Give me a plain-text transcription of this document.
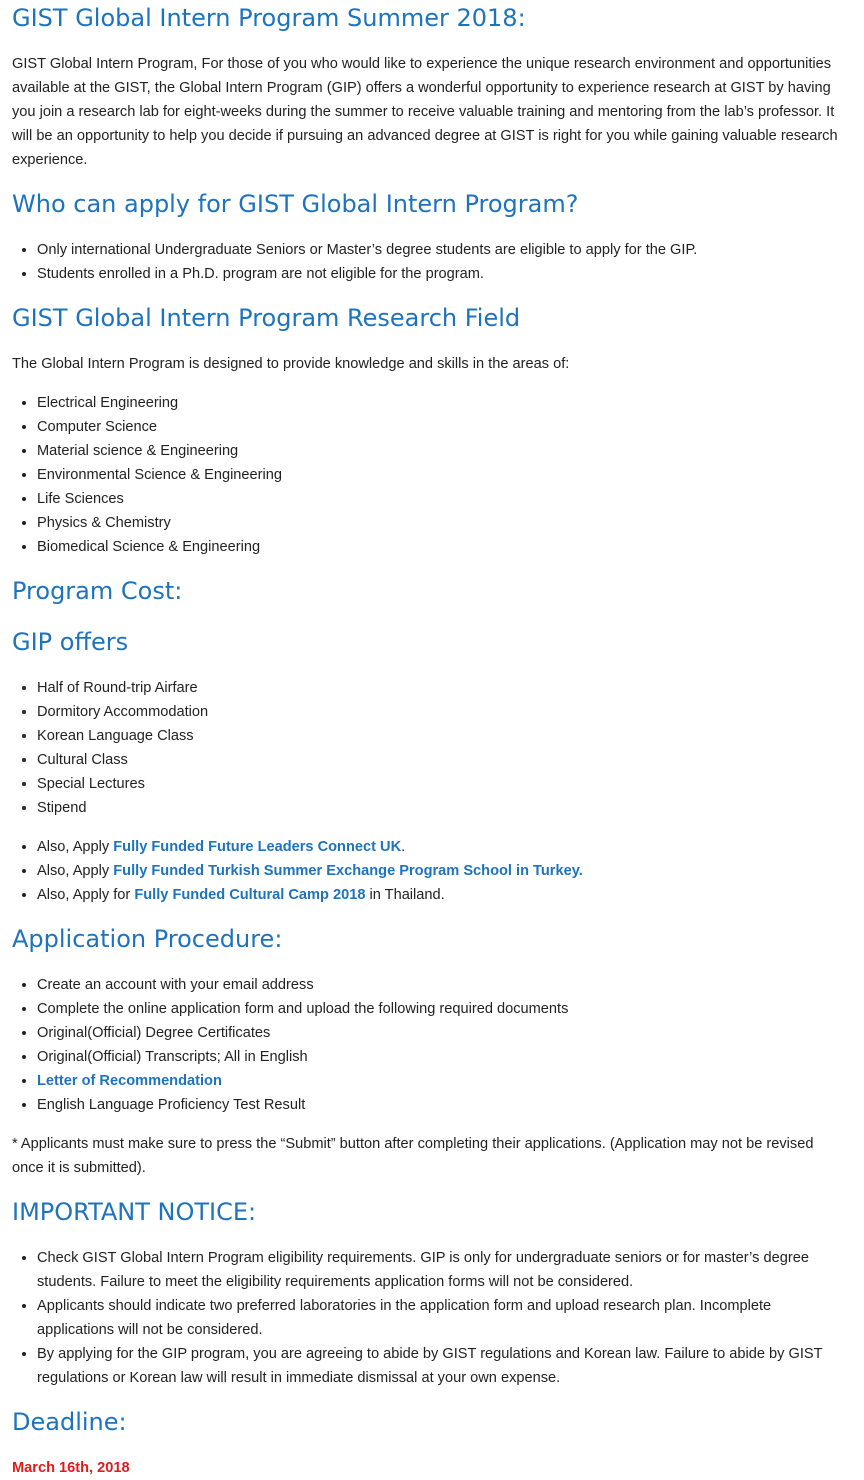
GIST Global Intern Program Summer 2018:

GIST Global Intern Program, For those of you who would like to experience the unique research environment and opportunities available at the GIST, the Global Intern Program (GIP) offers a wonderful opportunity to experience research at GIST by having you join a research lab for eight-weeks during the summer to receive valuable training and mentoring from the lab’s professor. It will be an opportunity to help you decide if pursuing an advanced degree at GIST is right for you while gaining valuable research experience.

Who can apply for GIST Global Intern Program?
• Only international Undergraduate Seniors or Master’s degree students are eligible to apply for the GIP.
• Students enrolled in a Ph.D. program are not eligible for the program.
GIST Global Intern Program Research Field

The Global Intern Program is designed to provide knowledge and skills in the areas of:

• Electrical Engineering
• Computer Science
• Material science & Engineering
• Environmental Science & Engineering
• Life Sciences
• Physics & Chemistry
• Biomedical Science & Engineering
Program Cost:
GIP offers
• Half of Round-trip Airfare
• Dormitory Accommodation
• Korean Language Class
• Cultural Class
• Special Lectures
• Stipend
• Also, Apply Fully Funded Future Leaders Connect UK.
• Also, Apply Fully Funded Turkish Summer Exchange Program School in Turkey.
• Also, Apply for Fully Funded Cultural Camp 2018 in Thailand.
Application Procedure:
• Create an account with your email address
• Complete the online application form and upload the following required documents
• Original(Official) Degree Certificates
• Original(Official) Transcripts; All in English
• Letter of Recommendation
• English Language Proficiency Test Result

* Applicants must make sure to press the “Submit” button after completing their applications. (Application may not be revised once it is submitted).

IMPORTANT NOTICE:
• Check GIST Global Intern Program eligibility requirements. GIP is only for undergraduate seniors or for master’s degree students. Failure to meet the eligibility requirements application forms will not be considered.
• Applicants should indicate two preferred laboratories in the application form and upload research plan. Incomplete applications will not be considered.
• By applying for the GIP program, you are agreeing to abide by GIST regulations and Korean law. Failure to abide by GIST regulations or Korean law will result in immediate dismissal at your own expense.
Deadline:

March 16th, 2018
